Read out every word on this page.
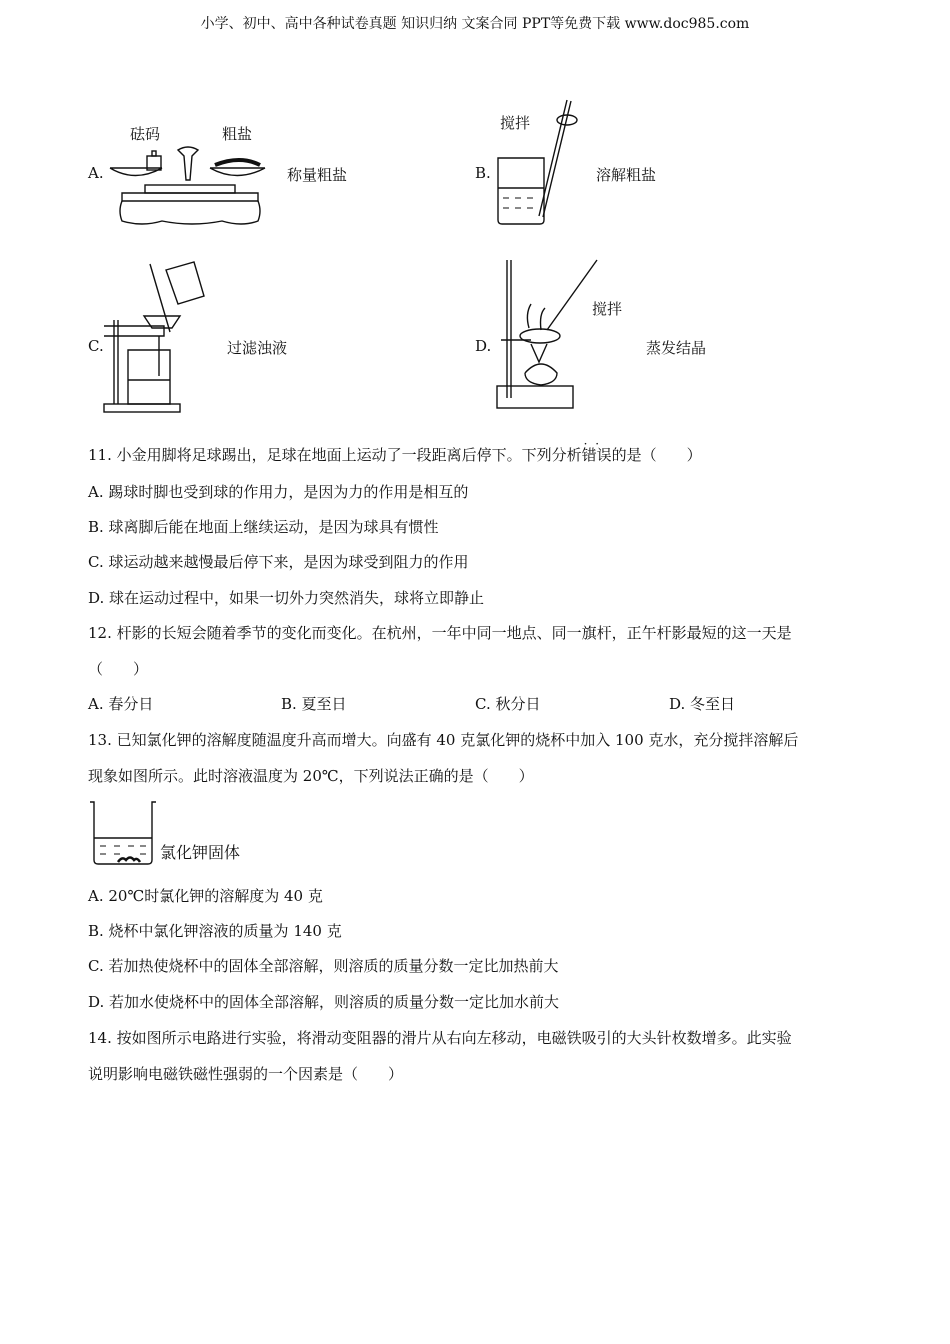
小学、初中、高中各种试卷真题 知识归纳 文案合同 PPT等免费下载 www.doc985.com
A.
砝码	粗盐
称量粗盐	B.
搅拌
溶解粗盐
C.	过滤浊液	D.
搅拌
蒸发结晶
11. 小金用脚将足球踢出，足球在地面上运动了一段距离后停下。下列分析· · 错误的是（　　）
A. 踢球时脚也受到球的作用力，是因为力的作用是相互的
B. 球离脚后能在地面上继续运动，是因为球具有惯性
C. 球运动越来越慢最后停下来，是因为球受到阻力的作用
D. 球在运动过程中，如果一切外力突然消失，球将立即静止
12. 杆影的长短会随着季节的变化而变化。在杭州，一年中同一地点、同一旗杆，正午杆影最短的这一天是
（　　）
A. 春分日	B. 夏至日	C. 秋分日	D. 冬至日
13. 已知氯化钾的溶解度随温度升高而增大。向盛有 40 克氯化钾的烧杯中加入 100 克水，充分搅拌溶解后
现象如图所示。此时溶液温度为 20℃，下列说法正确的是（　　）
氯化钾固体
A. 20℃时氯化钾的溶解度为 40 克
B. 烧杯中氯化钾溶液的质量为 140 克
C. 若加热使烧杯中的固体全部溶解，则溶质的质量分数一定比加热前大
D. 若加水使烧杯中的固体全部溶解，则溶质的质量分数一定比加水前大
14. 按如图所示电路进行实验，将滑动变阻器的滑片从右向左移动，电磁铁吸引的大头针枚数增多。此实验
说明影响电磁铁磁性强弱的一个因素是（　　）
